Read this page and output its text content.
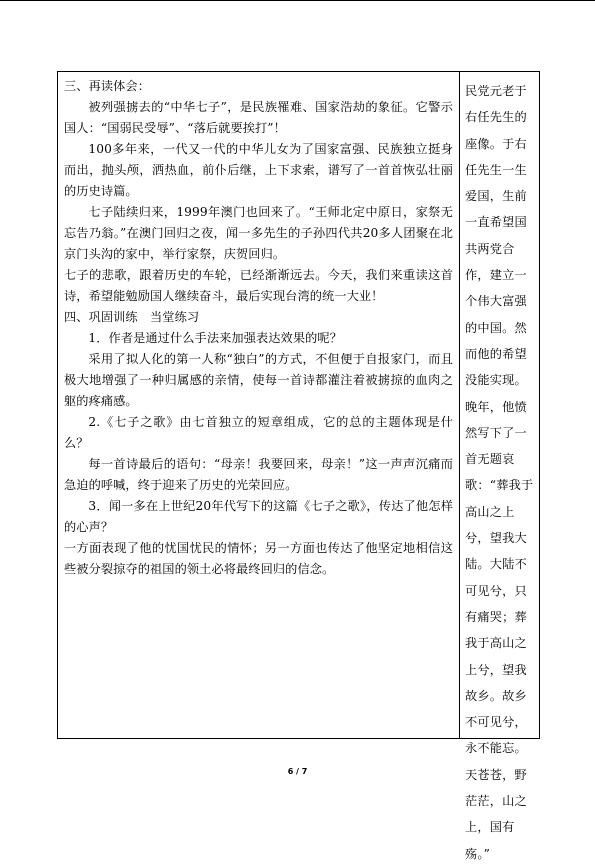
三、再读体会：

被列强掳去的“中华七子”，是民族罹难、国家浩劫的象征。它警示国人：“国弱民受辱”、“落后就要挨打”！

100多年来，一代又一代的中华儿女为了国家富强、民族独立挺身而出，抛头颅，洒热血，前仆后继，上下求索，谱写了一首首恢弘壮丽的历史诗篇。

七子陆续归来，1999年澳门也回来了。“王师北定中原日，家祭无忘告乃翁。”在澳门回归之夜，闻一多先生的子孙四代共20多人团聚在北京门头沟的家中，举行家祭，庆贺回归。

七子的悲歌，跟着历史的车轮，已经渐渐远去。今天，我们来重读这首诗，希望能勉励国人继续奋斗，最后实现台湾的统一大业！

四、巩固训练　当堂练习

1．作者是通过什么手法来加强表达效果的呢？

采用了拟人化的第一人称“独白”的方式，不但便于自报家门，而且极大地增强了一种归属感的亲情，使每一首诗都灌注着被掳掠的血肉之躯的疼痛感。

2.《七子之歌》由七首独立的短章组成，它的总的主题体现是什么？

每一首诗最后的语句：“母亲！我要回来，母亲！”这一声声沉痛而急迫的呼喊，终于迎来了历史的光荣回应。

3．闻一多在上世纪20年代写下的这篇《七子之歌》，传达了他怎样的心声？

一方面表现了他的忧国忧民的情怀；另一方面也传达了他坚定地相信这些被分裂掠夺的祖国的领土必将最终回归的信念。

民党元老于右任先生的座像。于右任先生一生爱国，生前一直希望国共两党合作，建立一个伟大富强的中国。然而他的希望没能实现。晚年，他愤然写下了一首无题哀歌：“葬我于高山之上兮，望我大陆。大陆不可见兮，只有痛哭；葬我于高山之上兮，望我故乡。故乡不可见兮，永不能忘。天苍苍，野茫茫，山之上，国有殇。”

6 / 7
